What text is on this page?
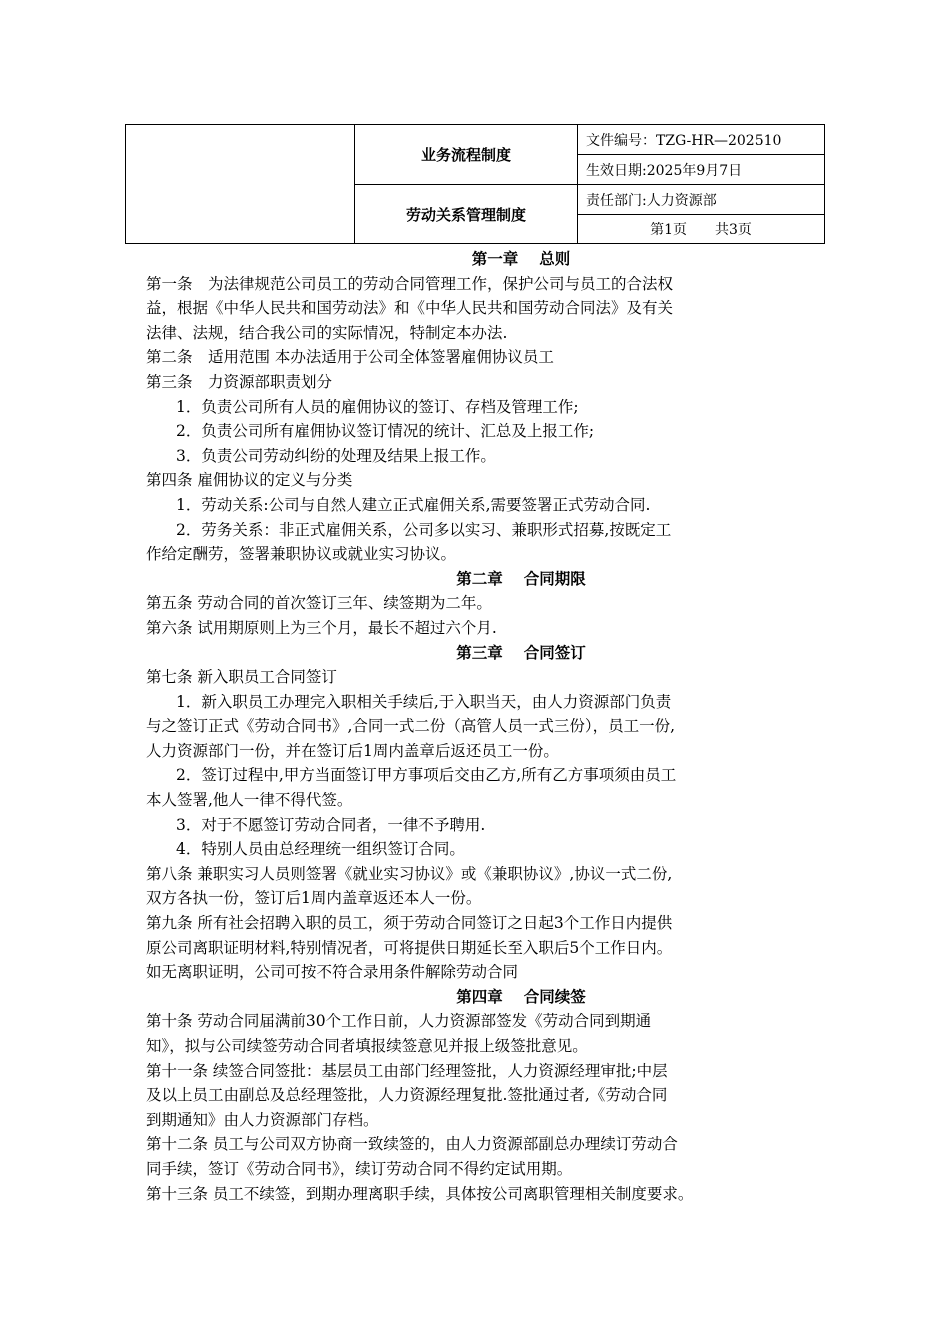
	业务流程制度	文件编号：TZG-HR—202510
		生效日期:2025年9月7日
	劳动关系管理制度	责任部门:人力资源部
		第1页　　共3页

第一章　 总则

第一条　为法律规范公司员工的劳动合同管理工作，保护公司与员工的合法权

益，根据《中华人民共和国劳动法》和《中华人民共和国劳动合同法》及有关

法律、法规，结合我公司的实际情况，特制定本办法.

第二条　适用范围 本办法适用于公司全体签署雇佣协议员工

第三条　力资源部职责划分

1．负责公司所有人员的雇佣协议的签订、存档及管理工作;

2．负责公司所有雇佣协议签订情况的统计、汇总及上报工作;

3．负责公司劳动纠纷的处理及结果上报工作。

第四条 雇佣协议的定义与分类

1．劳动关系:公司与自然人建立正式雇佣关系,需要签署正式劳动合同.

2．劳务关系：非正式雇佣关系，公司多以实习、兼职形式招募,按既定工

作给定酬劳，签署兼职协议或就业实习协议。

第二章　 合同期限

第五条 劳动合同的首次签订三年、续签期为二年。

第六条 试用期原则上为三个月，最长不超过六个月.

第三章　 合同签订

第七条 新入职员工合同签订

1．新入职员工办理完入职相关手续后,于入职当天，由人力资源部门负责

与之签订正式《劳动合同书》,合同一式二份（高管人员一式三份），员工一份,

人力资源部门一份，并在签订后1周内盖章后返还员工一份。

2．签订过程中,甲方当面签订甲方事项后交由乙方,所有乙方事项须由员工

本人签署,他人一律不得代签。

3．对于不愿签订劳动合同者，一律不予聘用.

4．特别人员由总经理统一组织签订合同。

第八条 兼职实习人员则签署《就业实习协议》或《兼职协议》,协议一式二份,

双方各执一份，签订后1周内盖章返还本人一份。

第九条 所有社会招聘入职的员工，须于劳动合同签订之日起3个工作日内提供

原公司离职证明材料,特别情况者，可将提供日期延长至入职后5个工作日内。

如无离职证明，公司可按不符合录用条件解除劳动合同

第四章　 合同续签

第十条 劳动合同届满前30个工作日前，人力资源部签发《劳动合同到期通

知》，拟与公司续签劳动合同者填报续签意见并报上级签批意见。

第十一条 续签合同签批：基层员工由部门经理签批，人力资源经理审批;中层

及以上员工由副总及总经理签批，人力资源经理复批.签批通过者,《劳动合同

到期通知》由人力资源部门存档。

第十二条 员工与公司双方协商一致续签的，由人力资源部副总办理续订劳动合

同手续，签订《劳动合同书》，续订劳动合同不得约定试用期。

第十三条 员工不续签，到期办理离职手续，具体按公司离职管理相关制度要求。
